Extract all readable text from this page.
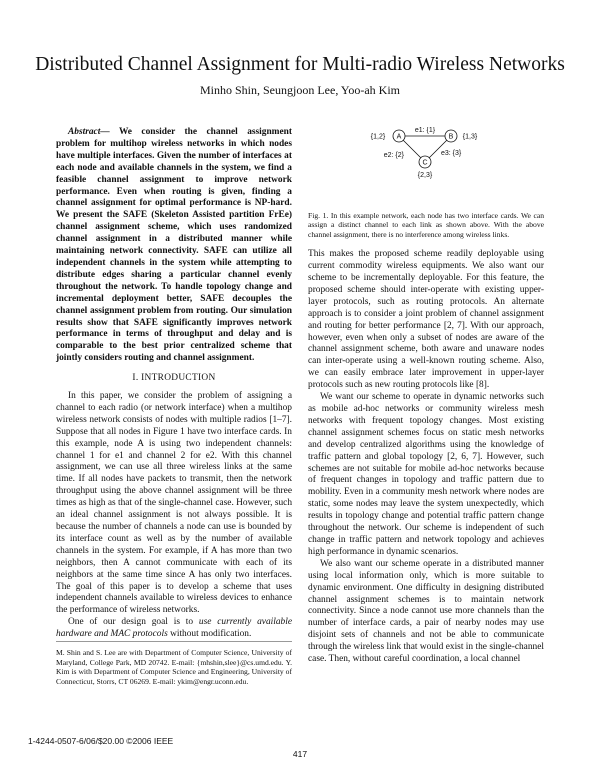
Distributed Channel Assignment for Multi-radio Wireless Networks
Minho Shin, Seungjoon Lee, Yoo-ah Kim

Abstract— We consider the channel assignment problem for multihop wireless networks in which nodes have multiple interfaces. Given the number of interfaces at each node and available channels in the system, we find a feasible channel assignment to improve network performance. Even when routing is given, finding a channel assignment for optimal performance is NP-hard. We present the SAFE (Skeleton Assisted partition FrEe) channel assignment scheme, which uses randomized channel assignment in a distributed manner while maintaining network connectivity. SAFE can utilize all independent channels in the system while attempting to distribute edges sharing a particular channel evenly throughout the network. To handle topology change and incremental deployment better, SAFE decouples the channel assignment problem from routing. Our simulation results show that SAFE significantly improves network performance in terms of throughput and delay and is comparable to the best prior centralized scheme that jointly considers routing and channel assignment.

I. INTRODUCTION

In this paper, we consider the problem of assigning a channel to each radio (or network interface) when a multihop wireless network consists of nodes with multiple radios [1–7]. Suppose that all nodes in Figure 1 have two interface cards. In this example, node A is using two independent channels: channel 1 for e1 and channel 2 for e2. With this channel assignment, we can use all three wireless links at the same time. If all nodes have packets to transmit, then the network throughput using the above channel assignment will be three times as high as that of the single-channel case. However, such an ideal channel assignment is not always possible. It is because the number of channels a node can use is bounded by its interface count as well as by the number of available channels in the system. For example, if A has more than two neighbors, then A cannot communicate with each of its neighbors at the same time since A has only two interfaces. The goal of this paper is to develop a scheme that uses independent channels available to wireless devices to enhance the performance of wireless networks.

One of our design goal is to use currently available hardware and MAC protocols without modification.

M. Shin and S. Lee are with Department of Computer Science, University of Maryland, College Park, MD 20742. E-mail: {mhshin,slee}@cs.umd.edu. Y. Kim is with Department of Computer Science and Engineering, University of Connecticut, Storrs, CT 06269. E-mail: ykim@engr.uconn.edu.

A	B
C
{1,2}	{1,3}
{2,3}
e1: {1}
e2: {2}	e3: {3}

Fig. 1. In this example network, each node has two interface cards. We can assign a distinct channel to each link as shown above. With the above channel assignment, there is no interference among wireless links.

This makes the proposed scheme readily deployable using current commodity wireless equipments. We also want our scheme to be incrementally deployable. For this feature, the proposed scheme should inter-operate with existing upper-layer protocols, such as routing protocols. An alternate approach is to consider a joint problem of channel assignment and routing for better performance [2, 7]. With our approach, however, even when only a subset of nodes are aware of the channel assignment scheme, both aware and unaware nodes can inter-operate using a well-known routing scheme. Also, we can easily embrace later improvement in upper-layer protocols such as new routing protocols like [8].

We want our scheme to operate in dynamic networks such as mobile ad-hoc networks or community wireless mesh networks with frequent topology changes. Most existing channel assignment schemes focus on static mesh networks and develop centralized algorithms using the knowledge of traffic pattern and global topology [2, 6, 7]. However, such schemes are not suitable for mobile ad-hoc networks because of frequent changes in topology and traffic pattern due to mobility. Even in a community mesh network where nodes are static, some nodes may leave the system unexpectedly, which results in topology change and potential traffic pattern change throughout the network. Our scheme is independent of such change in traffic pattern and network topology and achieves high performance in dynamic scenarios.

We also want our scheme operate in a distributed manner using local information only, which is more suitable to dynamic environment. One difficulty in designing distributed channel assignment schemes is to maintain network connectivity. Since a node cannot use more channels than the number of interface cards, a pair of nearby nodes may use disjoint sets of channels and not be able to communicate through the wireless link that would exist in the single-channel case. Then, without careful coordination, a local channel

1-4244-0507-6/06/$20.00 ©2006 IEEE
417
